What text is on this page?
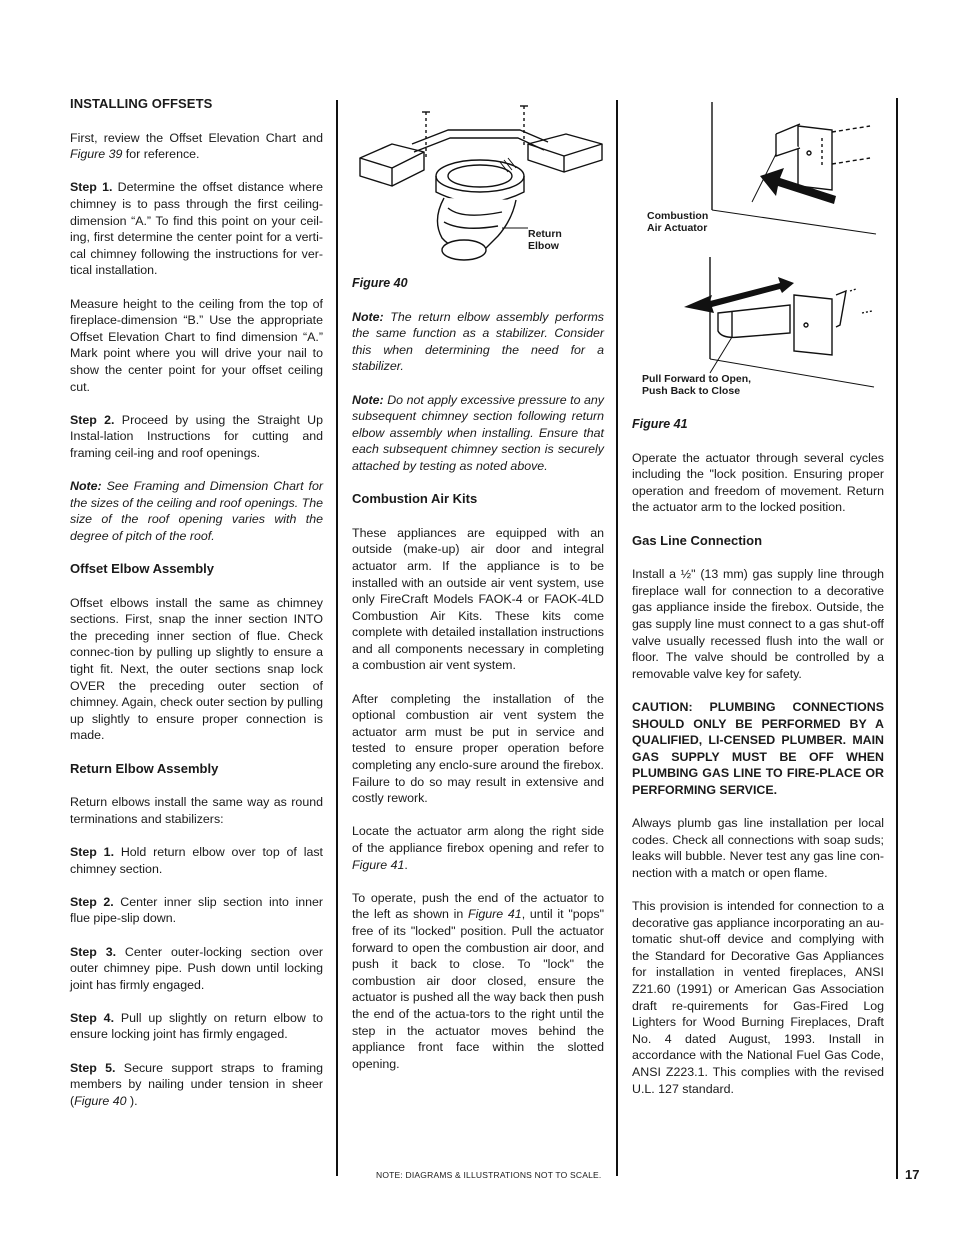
INSTALLING OFFSETS

First, review the Offset Elevation Chart and Figure 39 for reference.

Step 1. Determine the offset distance where chimney is to pass through the first ceiling-dimension “A.” To find this point on your ceil-ing, first determine the center point for a verti-cal chimney following the instructions for ver-tical installation.

Measure height to the ceiling from the top of fireplace-dimension “B.” Use the appropriate Offset Elevation Chart to find dimension “A.” Mark point where you will drive your nail to show the center point for your offset ceiling cut.

Step 2. Proceed by using the Straight Up Instal-lation Instructions for cutting and framing ceil-ing and roof openings.

Note: See Framing and Dimension Chart for the sizes of the ceiling and roof openings. The size of the roof opening varies with the degree of pitch of the roof.

Offset Elbow Assembly

Offset elbows install the same as chimney sections. First, snap the inner section INTO the preceding inner section of flue. Check connec-tion by pulling up slightly to ensure a tight fit. Next, the outer sections snap lock OVER the preceding outer section of chimney. Again, check outer section by pulling up slightly to ensure proper connection is made.

Return Elbow Assembly

Return elbows install the same way as round terminations and stabilizers:

Step 1. Hold return elbow over top of last chimney section.

Step 2. Center inner slip section into inner flue pipe-slip down.

Step 3. Center outer-locking section over outer chimney pipe. Push down until locking joint has firmly engaged.

Step 4. Pull up slightly on return elbow to ensure locking joint has firmly engaged.

Step 5. Secure support straps to framing members by nailing under tension in sheer (Figure 40 ).

Return
Elbow
Figure 40

Note: The return elbow assembly performs the same function as a stabilizer. Consider this when determining the need for a stabilizer.

Note: Do not apply excessive pressure to any subsequent chimney section following return elbow assembly when installing. Ensure that each subsequent chimney section is securely attached by testing as noted above.

Combustion Air Kits

These appliances are equipped with an outside (make-up) air door and integral actuator arm. If the appliance is to be installed with an outside air vent system, use only FireCraft Models FAOK-4 or FAOK-4LD Combustion Air Kits. These kits come complete with detailed installation instructions and all components necessary in completing a combustion air vent system.

After completing the installation of the optional combustion air vent system the actuator arm must be put in service and tested to ensure proper operation before completing any enclo-sure around the firebox. Failure to do so may result in extensive and costly rework.

Locate the actuator arm along the right side of the appliance firebox opening and refer to Figure 41.

To operate, push the end of the actuator to the left as shown in Figure 41, until it "pops" free of its "locked" position. Pull the actuator forward to open the combustion air door, and push it back to close. To "lock" the combustion air door closed, ensure the actuator is pushed all the way back then push the end of the actua-tors to the right until the step in the actuator moves behind the appliance front face within the slotted opening.

Combustion
Air Actuator
Pull Forward to Open,
Push Back to Close
Figure 41

Operate the actuator through several cycles including the "lock position. Ensuring proper operation and freedom of movement. Return the actuator arm to the locked position.

Gas Line Connection

Install a ½" (13 mm) gas supply line through fireplace wall for connection to a decorative gas appliance inside the firebox. Outside, the gas supply line must connect to a gas shut-off valve usually recessed flush into the wall or floor. The valve should be controlled by a removable valve key for safety.

CAUTION: PLUMBING CONNECTIONS SHOULD ONLY BE PERFORMED BY A QUALIFIED, LI-CENSED PLUMBER. MAIN GAS SUPPLY MUST BE OFF WHEN PLUMBING GAS LINE TO FIRE-PLACE OR PERFORMING SERVICE.

Always plumb gas line installation per local codes. Check all connections with soap suds; leaks will bubble. Never test any gas line con-nection with a match or open flame.

This provision is intended for connection to a decorative gas appliance incorporating an au-tomatic shut-off device and complying with the Standard for Decorative Gas Appliances for installation in vented fireplaces, ANSI Z21.60 (1991) or American Gas Association draft re-quirements for Gas-Fired Log Lighters for Wood Burning Fireplaces, Draft No. 4 dated August, 1993. Install in accordance with the National Fuel Gas Code, ANSI Z223.1. This complies with the revised U.L. 127 standard.

NOTE: DIAGRAMS & ILLUSTRATIONS NOT TO SCALE.	17
